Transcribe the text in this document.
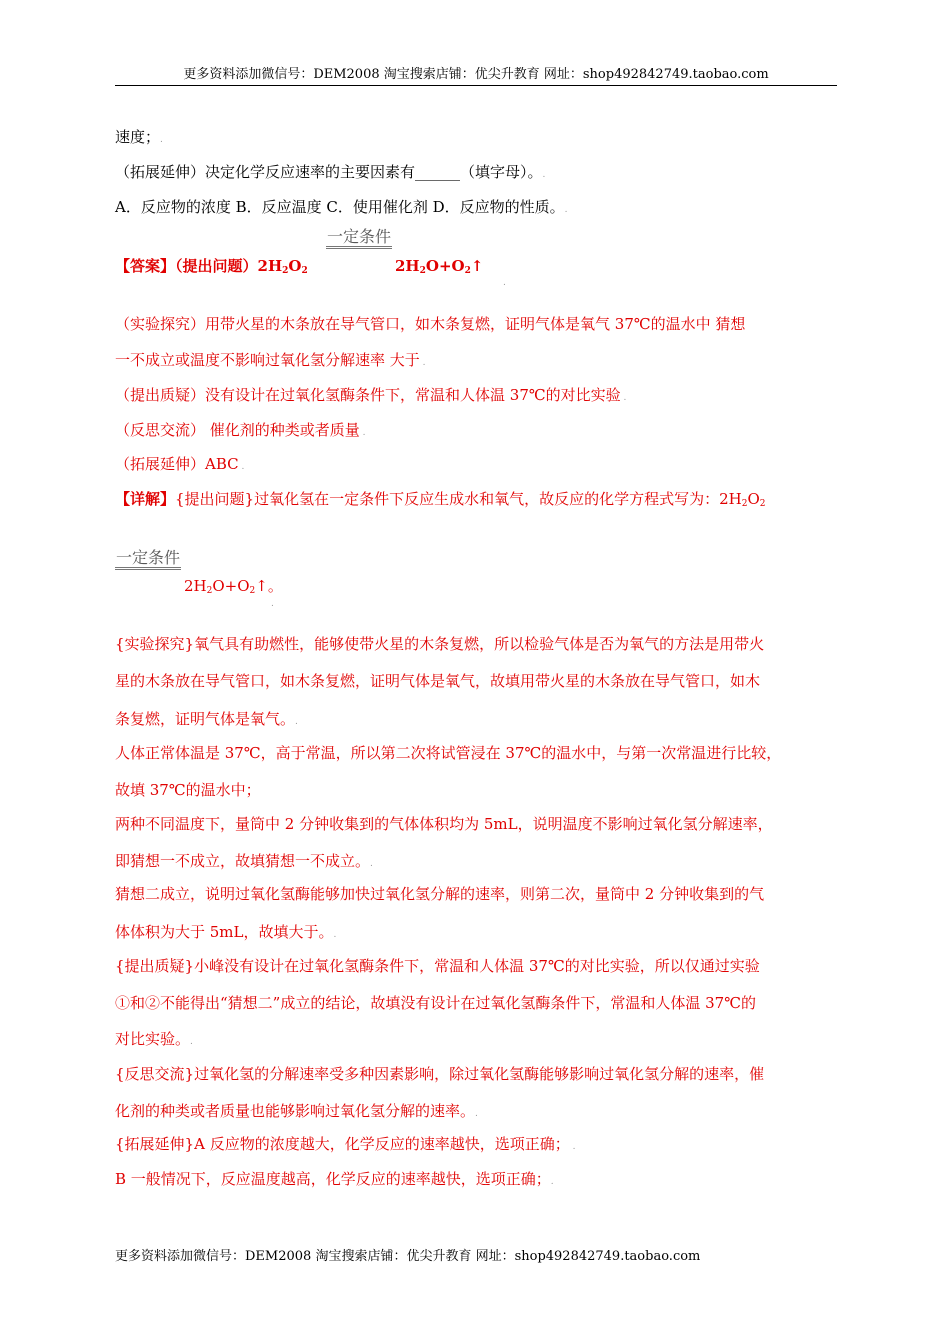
更多资料添加微信号：DEM2008 淘宝搜索店铺：优尖升教育 网址：shop492842749.taobao.com
速度；.
（拓展延伸）决定化学反应速率的主要因素有______（填字母）。.
A．反应物的浓度 B．反应温度 C．使用催化剂 D．反应物的性质。.
一定条件
【答案】（提出问题）$2H_2O_2$	$2H_2O+O_2↑$
.
（实验探究）用带火星的木条放在导气管口，如木条复燃，证明气体是氧气 37℃的温水中 猜想
一不成立或温度不影响过氧化氢分解速率 大于 .
（提出质疑）没有设计在过氧化氢酶条件下，常温和人体温 37℃的对比实验 .
（反思交流） 催化剂的种类或者质量 .
（拓展延伸）ABC .
【详解】{提出问题}过氧化氢在一定条件下反应生成水和氧气，故反应的化学方程式写为：$2H_2O_2$
一定条件
$2H_2O+O_2↑$。
.
{实验探究}氧气具有助燃性，能够使带火星的木条复燃，所以检验气体是否为氧气的方法是用带火
星的木条放在导气管口，如木条复燃，证明气体是氧气，故填用带火星的木条放在导气管口，如木
条复燃，证明气体是氧气。.
人体正常体温是 37℃，高于常温，所以第二次将试管浸在 37℃的温水中，与第一次常温进行比较，
故填 37℃的温水中；
两种不同温度下，量筒中 2 分钟收集到的气体体积均为 5mL，说明温度不影响过氧化氢分解速率，
即猜想一不成立，故填猜想一不成立。.
猜想二成立，说明过氧化氢酶能够加快过氧化氢分解的速率，则第二次，量筒中 2 分钟收集到的气
体体积为大于 5mL，故填大于。.
{提出质疑}小峰没有设计在过氧化氢酶条件下，常温和人体温 37℃的对比实验，所以仅通过实验
①和②不能得出“猜想二”成立的结论，故填没有设计在过氧化氢酶条件下，常温和人体温 37℃的
对比实验。.
{反思交流}过氧化氢的分解速率受多种因素影响，除过氧化氢酶能够影响过氧化氢分解的速率，催
化剂的种类或者质量也能够影响过氧化氢分解的速率。.
{拓展延伸}A 反应物的浓度越大，化学反应的速率越快，选项正确； .
B 一般情况下，反应温度越高，化学反应的速率越快，选项正确；.
更多资料添加微信号：DEM2008 淘宝搜索店铺：优尖升教育 网址：shop492842749.taobao.com
